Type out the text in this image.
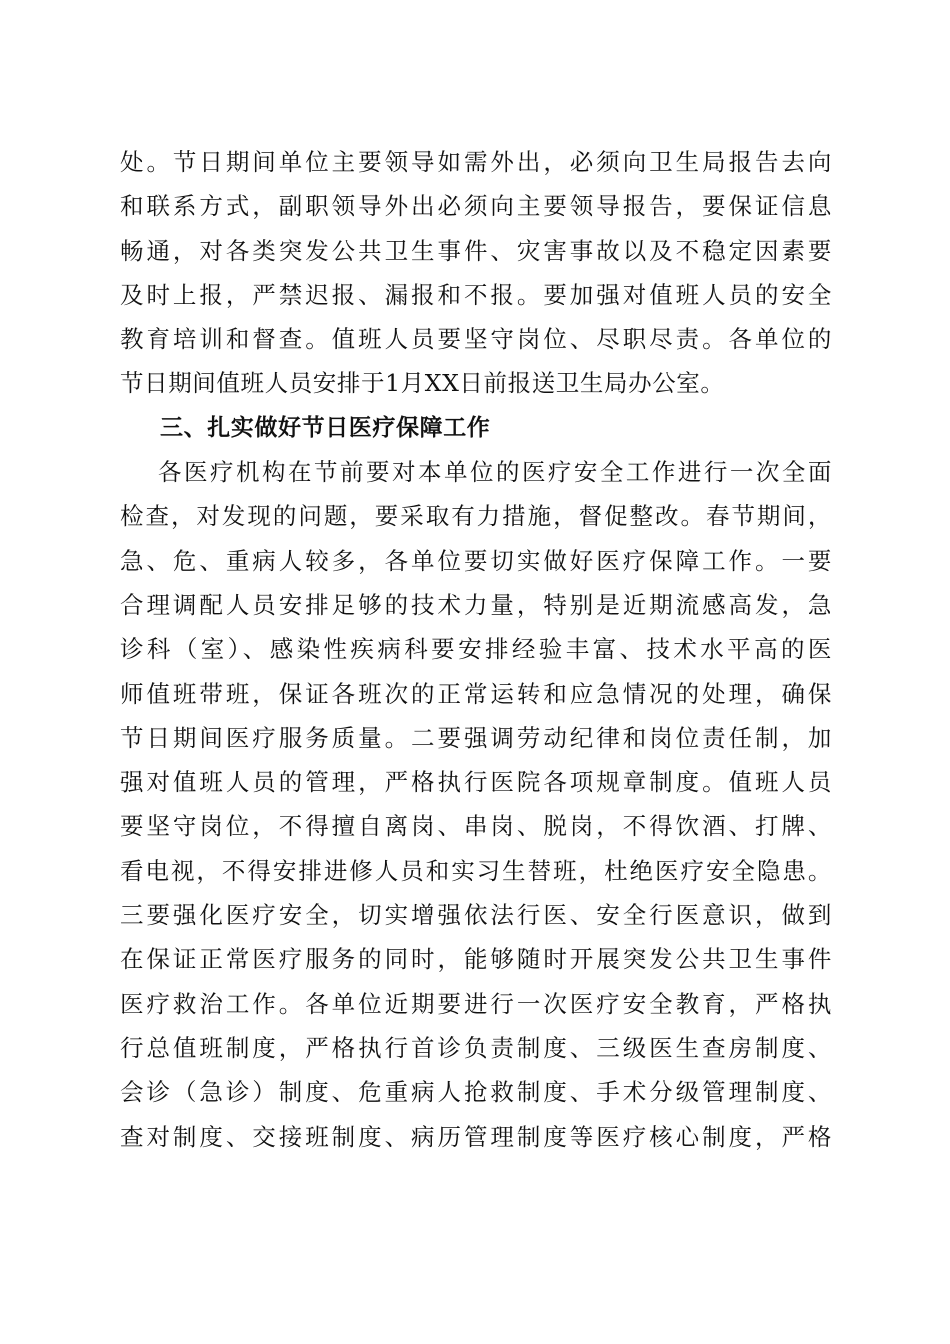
处。节日期间单位主要领导如需外出，必须向卫生局报告去向
和联系方式，副职领导外出必须向主要领导报告，要保证信息
畅通，对各类突发公共卫生事件、灾害事故以及不稳定因素要
及时上报，严禁迟报、漏报和不报。要加强对值班人员的安全
教育培训和督查。值班人员要坚守岗位、尽职尽责。各单位的
节日期间值班人员安排于1月XX日前报送卫生局办公室。
三、扎实做好节日医疗保障工作
各医疗机构在节前要对本单位的医疗安全工作进行一次全面
检查，对发现的问题，要采取有力措施，督促整改。春节期间，
急、危、重病人较多，各单位要切实做好医疗保障工作。一要
合理调配人员安排足够的技术力量，特别是近期流感高发，急
诊科（室）、感染性疾病科要安排经验丰富、技术水平高的医
师值班带班，保证各班次的正常运转和应急情况的处理，确保
节日期间医疗服务质量。二要强调劳动纪律和岗位责任制，加
强对值班人员的管理，严格执行医院各项规章制度。值班人员
要坚守岗位，不得擅自离岗、串岗、脱岗，不得饮酒、打牌、
看电视，不得安排进修人员和实习生替班，杜绝医疗安全隐患。
三要强化医疗安全，切实增强依法行医、安全行医意识，做到
在保证正常医疗服务的同时，能够随时开展突发公共卫生事件
医疗救治工作。各单位近期要进行一次医疗安全教育，严格执
行总值班制度，严格执行首诊负责制度、三级医生查房制度、
会诊（急诊）制度、危重病人抢救制度、手术分级管理制度、
查对制度、交接班制度、病历管理制度等医疗核心制度，严格
